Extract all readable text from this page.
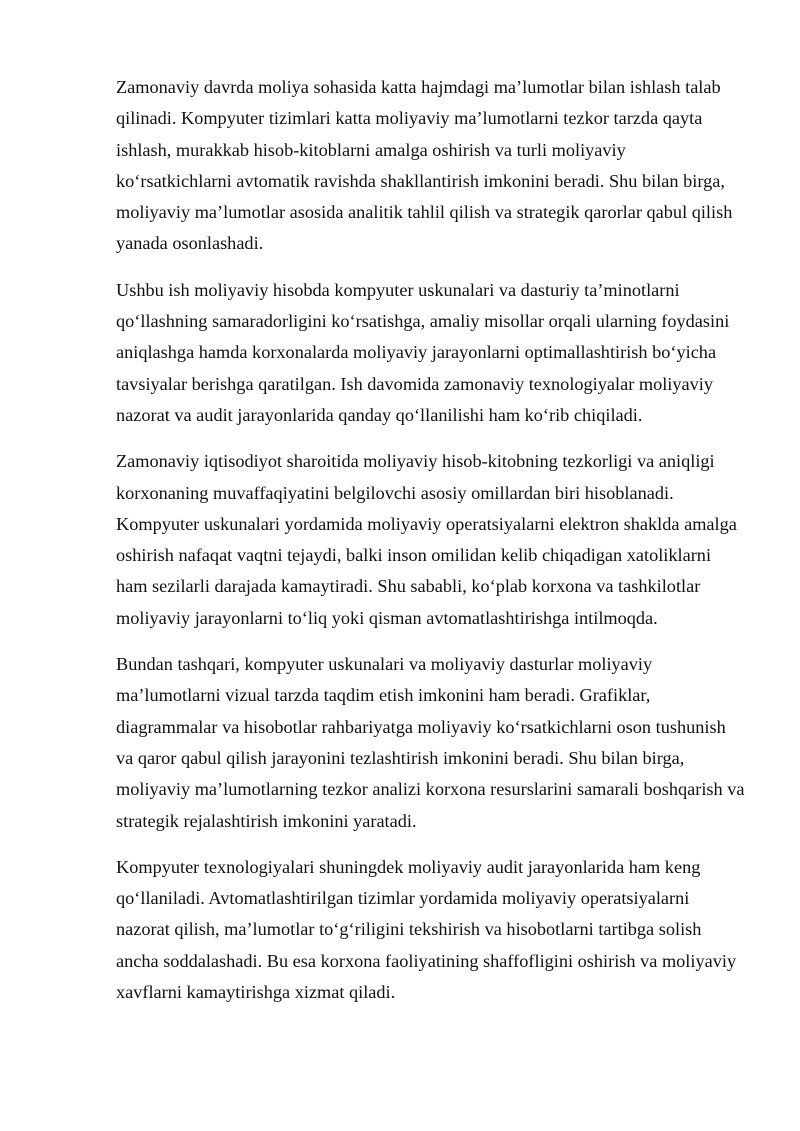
Zamonaviy davrda moliya sohasida katta hajmdagi maʼlumotlar bilan ishlash talab qilinadi. Kompyuter tizimlari katta moliyaviy maʼlumotlarni tezkor tarzda qayta ishlash, murakkab hisob-kitoblarni amalga oshirish va turli moliyaviy koʻrsatkichlarni avtomatik ravishda shakllantirish imkonini beradi. Shu bilan birga, moliyaviy maʼlumotlar asosida analitik tahlil qilish va strategik qarorlar qabul qilish yanada osonlashadi.

Ushbu ish moliyaviy hisobda kompyuter uskunalari va dasturiy taʼminotlarni qoʻllashning samaradorligini koʻrsatishga, amaliy misollar orqali ularning foydasini aniqlashga hamda korxonalarda moliyaviy jarayonlarni optimallashtirish boʻyicha tavsiyalar berishga qaratilgan. Ish davomida zamonaviy texnologiyalar moliyaviy nazorat va audit jarayonlarida qanday qoʻllanilishi ham koʻrib chiqiladi.

Zamonaviy iqtisodiyot sharoitida moliyaviy hisob-kitobning tezkorligi va aniqligi korxonaning muvaffaqiyatini belgilovchi asosiy omillardan biri hisoblanadi. Kompyuter uskunalari yordamida moliyaviy operatsiyalarni elektron shaklda amalga oshirish nafaqat vaqtni tejaydi, balki inson omilidan kelib chiqadigan xatoliklarni ham sezilarli darajada kamaytiradi. Shu sababli, koʻplab korxona va tashkilotlar moliyaviy jarayonlarni toʻliq yoki qisman avtomatlashtirishga intilmoqda.

Bundan tashqari, kompyuter uskunalari va moliyaviy dasturlar moliyaviy maʼlumotlarni vizual tarzda taqdim etish imkonini ham beradi. Grafiklar, diagrammalar va hisobotlar rahbariyatga moliyaviy koʻrsatkichlarni oson tushunish va qaror qabul qilish jarayonini tezlashtirish imkonini beradi. Shu bilan birga, moliyaviy maʼlumotlarning tezkor analizi korxona resurslarini samarali boshqarish va strategik rejalashtirish imkonini yaratadi.

Kompyuter texnologiyalari shuningdek moliyaviy audit jarayonlarida ham keng qoʻllaniladi. Avtomatlashtirilgan tizimlar yordamida moliyaviy operatsiyalarni nazorat qilish, maʼlumotlar toʻgʻriligini tekshirish va hisobotlarni tartibga solish ancha soddalashadi. Bu esa korxona faoliyatining shaffofligini oshirish va moliyaviy xavflarni kamaytirishga xizmat qiladi.
